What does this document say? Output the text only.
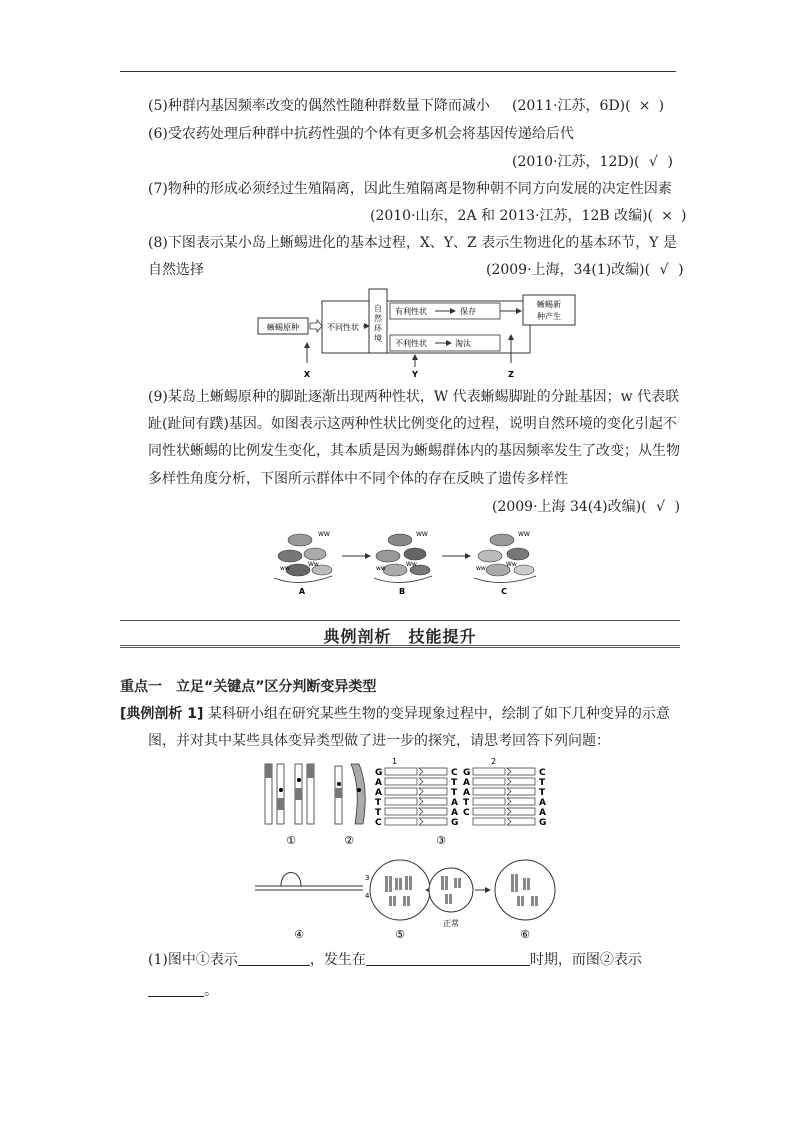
(5)种群内基因频率改变的偶然性随种群数量下降而减小 (2011·江苏，6D)( × )
(6)受农药处理后种群中抗药性强的个体有更多机会将基因传递给后代
(2010·江苏，12D)( √ )
(7)物种的形成必须经过生殖隔离，因此生殖隔离是物种朝不同方向发展的决定性因素
(2010·山东，2A 和 2013·江苏，12B 改编)( × )
(8)下图表示某小岛上蜥蜴进化的基本过程，X、Y、Z 表示生物进化的基本环节，Y 是
自然选择	(2009·上海，34(1)改编)( √ )
蜥蜴原种	不同性状
自
然
环
境
有利性状	保存
不利性状	淘汰
蜥蜴新
种产生
X	Y	Z
(9)某岛上蜥蜴原种的脚趾逐渐出现两种性状，W 代表蜥蜴脚趾的分趾基因；w 代表联
趾(趾间有蹼)基因。如图表示这两种性状比例变化的过程，说明自然环境的变化引起不
同性状蜥蜴的比例发生变化，其本质是因为蜥蜴群体内的基因频率发生了改变；从生物
多样性角度分析，下图所示群体中不同个体的存在反映了遗传多样性
(2009·上海 34(4)改编)( √ )
WW
Ww
ww
A
WW
Ww
ww
B
WW
Ww
ww
C
典例剖析　技能提升
重点一　立足“关键点”区分判断变异类型
[典例剖析 1] 某科研小组在研究某些生物的变异现象过程中，绘制了如下几种变异的示意
图，并对其中某些具体变异类型做了进一步的探究，请思考回答下列问题：
①	②
1	2
G	C
A	T
A	T
T	A
T	A
C	G
G	C
A	T
A	T
T	A
C	A
G
③
3
4
④	⑤
正常
⑥
(1)图中①表示	，发生在	时期，而图②表示
。
